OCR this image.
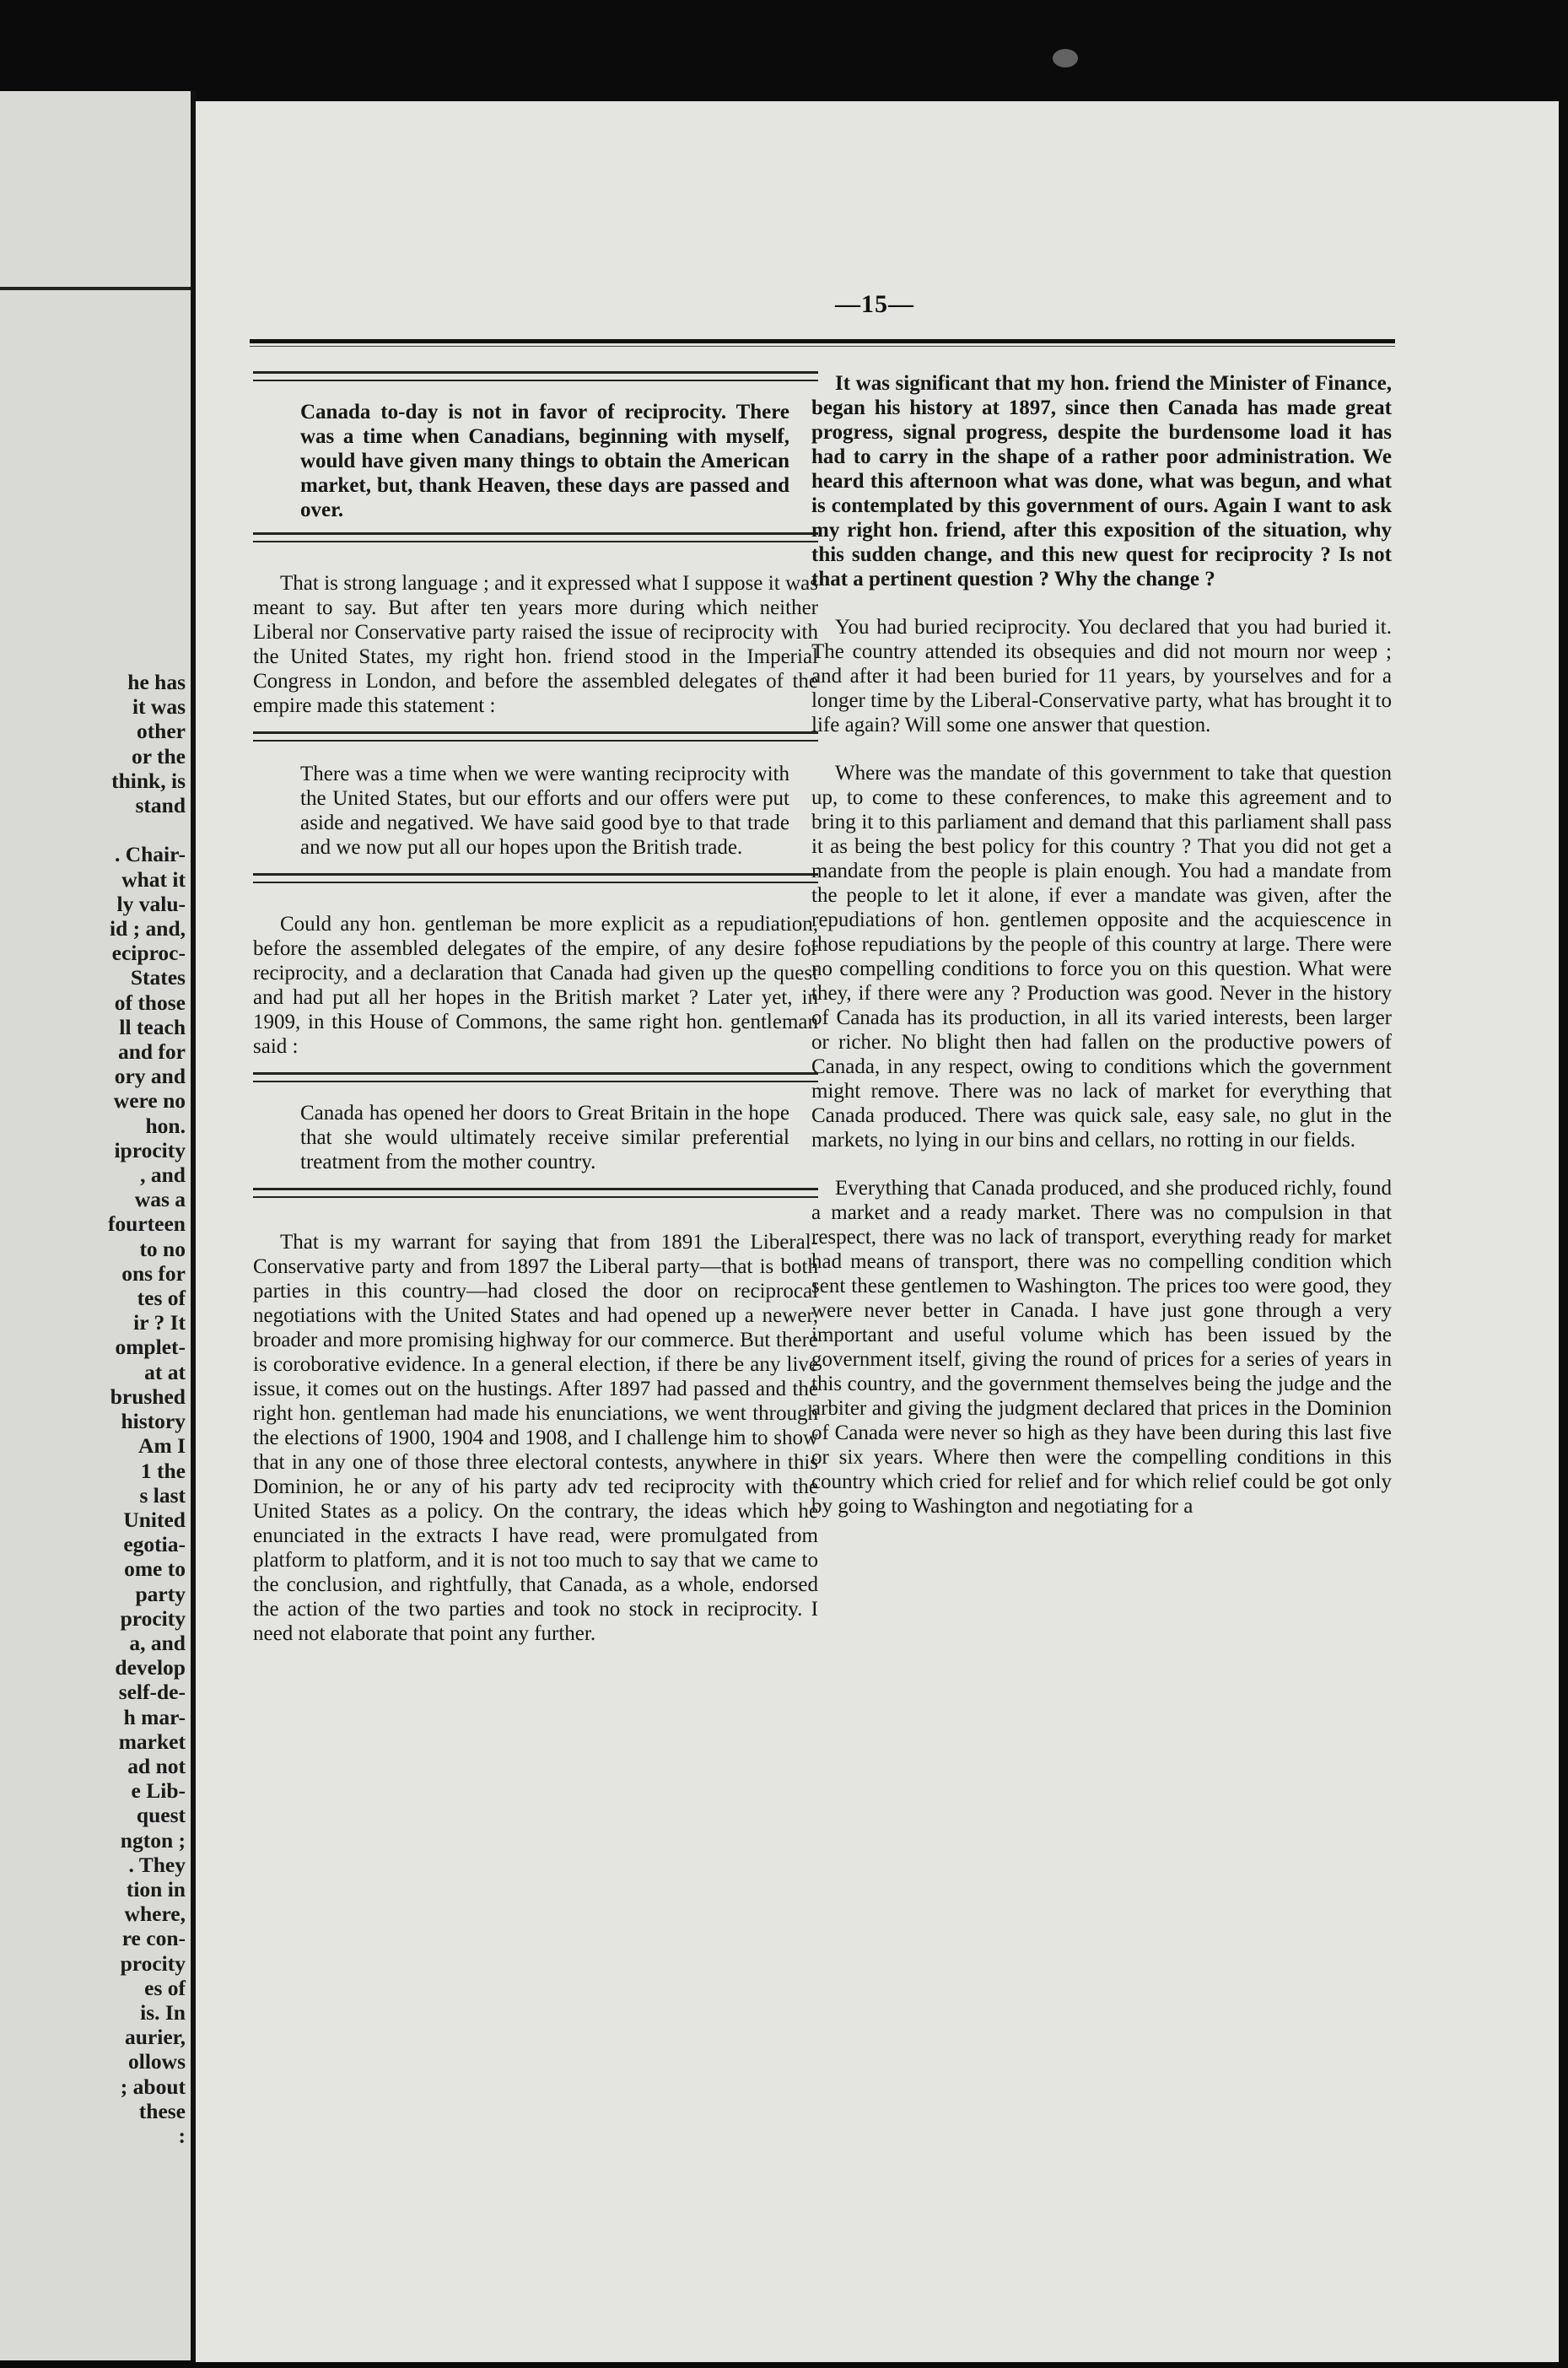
he has
it was
other
or the
think, is
stand

. Chair-
what it
ly valu-
id ; and,
eciproc-
States
of those
ll teach
and for
ory and
were no
hon.
iprocity
, and
was a
fourteen
to no
ons for
tes of
ir ? It
omplet-
at at
brushed
history
Am I
1 the
s last
United
egotia-
ome to
party
procity
a, and
develop
self-de-
h mar-
market
ad not
e Lib-
quest
ngton ;
. They
tion in
where,
re con-
procity
es of
is. In
aurier,
ollows
; about
these
:
—15—

Canada to-day is not in favor of reciprocity. There was a time when Canadians, beginning with myself, would have given many things to obtain the American market, but, thank Heaven, these days are passed and over.

That is strong language ; and it expressed what I suppose it was meant to say. But after ten years more during which neither Liberal nor Conservative party raised the issue of reciprocity with the United States, my right hon. friend stood in the Imperial Congress in London, and before the assembled delegates of the empire made this statement :

There was a time when we were wanting reciprocity with the United States, but our efforts and our offers were put aside and negatived. We have said good bye to that trade and we now put all our hopes upon the British trade.

Could any hon. gentleman be more explicit as a repudiation, before the assembled delegates of the empire, of any desire for reciprocity, and a declaration that Canada had given up the quest and had put all her hopes in the British market ? Later yet, in 1909, in this House of Commons, the same right hon. gentleman said :

Canada has opened her doors to Great Britain in the hope that she would ultimately receive similar preferential treatment from the mother country.

That is my warrant for saying that from 1891 the Liberal-Conservative party and from 1897 the Liberal party—that is both parties in this country—had closed the door on reciprocal negotiations with the United States and had opened up a newer, broader and more promising highway for our commerce. But there is coroborative evidence. In a general election, if there be any live issue, it comes out on the hustings. After 1897 had passed and the right hon. gentleman had made his enunciations, we went through the elections of 1900, 1904 and 1908, and I challenge him to show that in any one of those three electoral contests, anywhere in this Dominion, he or any of his party adv ted reciprocity with the United States as a policy. On the contrary, the ideas which he enunciated in the extracts I have read, were promulgated from platform to platform, and it is not too much to say that we came to the conclusion, and rightfully, that Canada, as a whole, endorsed the action of the two parties and took no stock in reciprocity. I need not elaborate that point any further.

It was significant that my hon. friend the Minister of Finance, began his history at 1897, since then Canada has made great progress, signal progress, despite the burdensome load it has had to carry in the shape of a rather poor administration. We heard this afternoon what was done, what was begun, and what is contemplated by this government of ours. Again I want to ask my right hon. friend, after this exposition of the situation, why this sudden change, and this new quest for reciprocity ? Is not that a pertinent question ? Why the change ?

You had buried reciprocity. You declared that you had buried it. The country attended its obsequies and did not mourn nor weep ; and after it had been buried for 11 years, by yourselves and for a longer time by the Liberal-Conservative party, what has brought it to life again? Will some one answer that question.

Where was the mandate of this government to take that question up, to come to these conferences, to make this agreement and to bring it to this parliament and demand that this parliament shall pass it as being the best policy for this country ? That you did not get a mandate from the people is plain enough. You had a mandate from the people to let it alone, if ever a mandate was given, after the repudiations of hon. gentlemen opposite and the acquiescence in those repudiations by the people of this country at large. There were no compelling conditions to force you on this question. What were they, if there were any ? Production was good. Never in the history of Canada has its production, in all its varied interests, been larger or richer. No blight then had fallen on the productive powers of Canada, in any respect, owing to conditions which the government might remove. There was no lack of market for everything that Canada produced. There was quick sale, easy sale, no glut in the markets, no lying in our bins and cellars, no rotting in our fields.

Everything that Canada produced, and she produced richly, found a market and a ready market. There was no compulsion in that respect, there was no lack of transport, everything ready for market had means of transport, there was no compelling condition which sent these gentlemen to Washington. The prices too were good, they were never better in Canada. I have just gone through a very important and useful volume which has been issued by the government itself, giving the round of prices for a series of years in this country, and the government themselves being the judge and the arbiter and giving the judgment declared that prices in the Dominion of Canada were never so high as they have been during this last five or six years. Where then were the compelling conditions in this country which cried for relief and for which relief could be got only by going to Washington and negotiating for a
